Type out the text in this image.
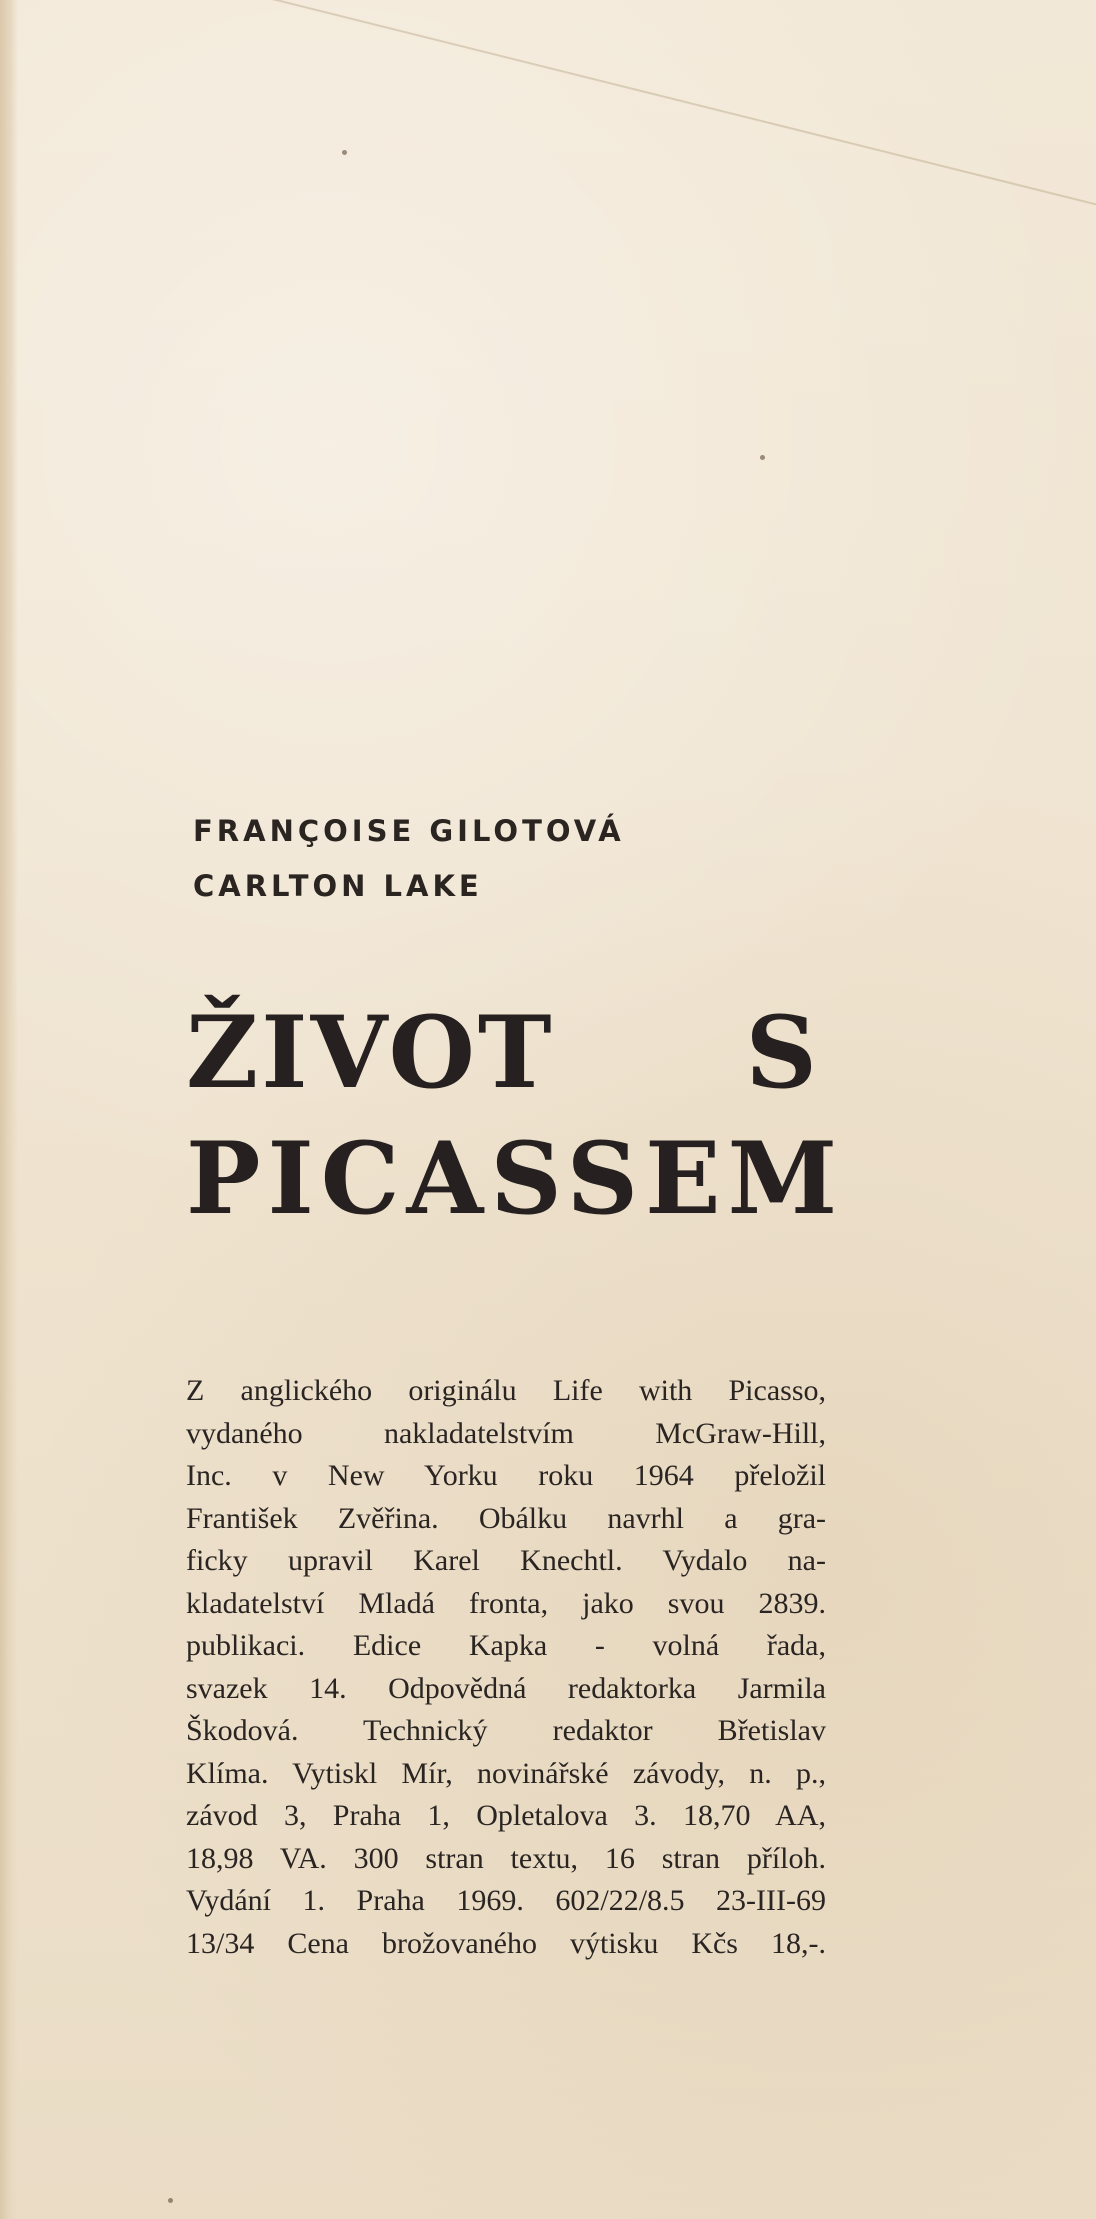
FRANÇOISE GILOTOVÁ
CARLTON LAKE
ŽIVOT S
PICASSEM
Z anglického originálu Life with Picasso,
vydaného nakladatelstvím McGraw-Hill,
Inc. v New Yorku roku 1964 přeložil
František Zvěřina. Obálku navrhl a gra-
ficky upravil Karel Knechtl. Vydalo na-
kladatelství Mladá fronta, jako svou 2839.
publikaci. Edice Kapka - volná řada,
svazek 14. Odpovědná redaktorka Jarmila
Škodová. Technický redaktor Břetislav
Klíma. Vytiskl Mír, novinářské závody, n. p.,
závod 3, Praha 1, Opletalova 3. 18,70 AA,
18,98 VA. 300 stran textu, 16 stran příloh.
Vydání 1. Praha 1969. 602/22/8.5 23-III-69
13/34 Cena brožovaného výtisku Kčs 18,-.
